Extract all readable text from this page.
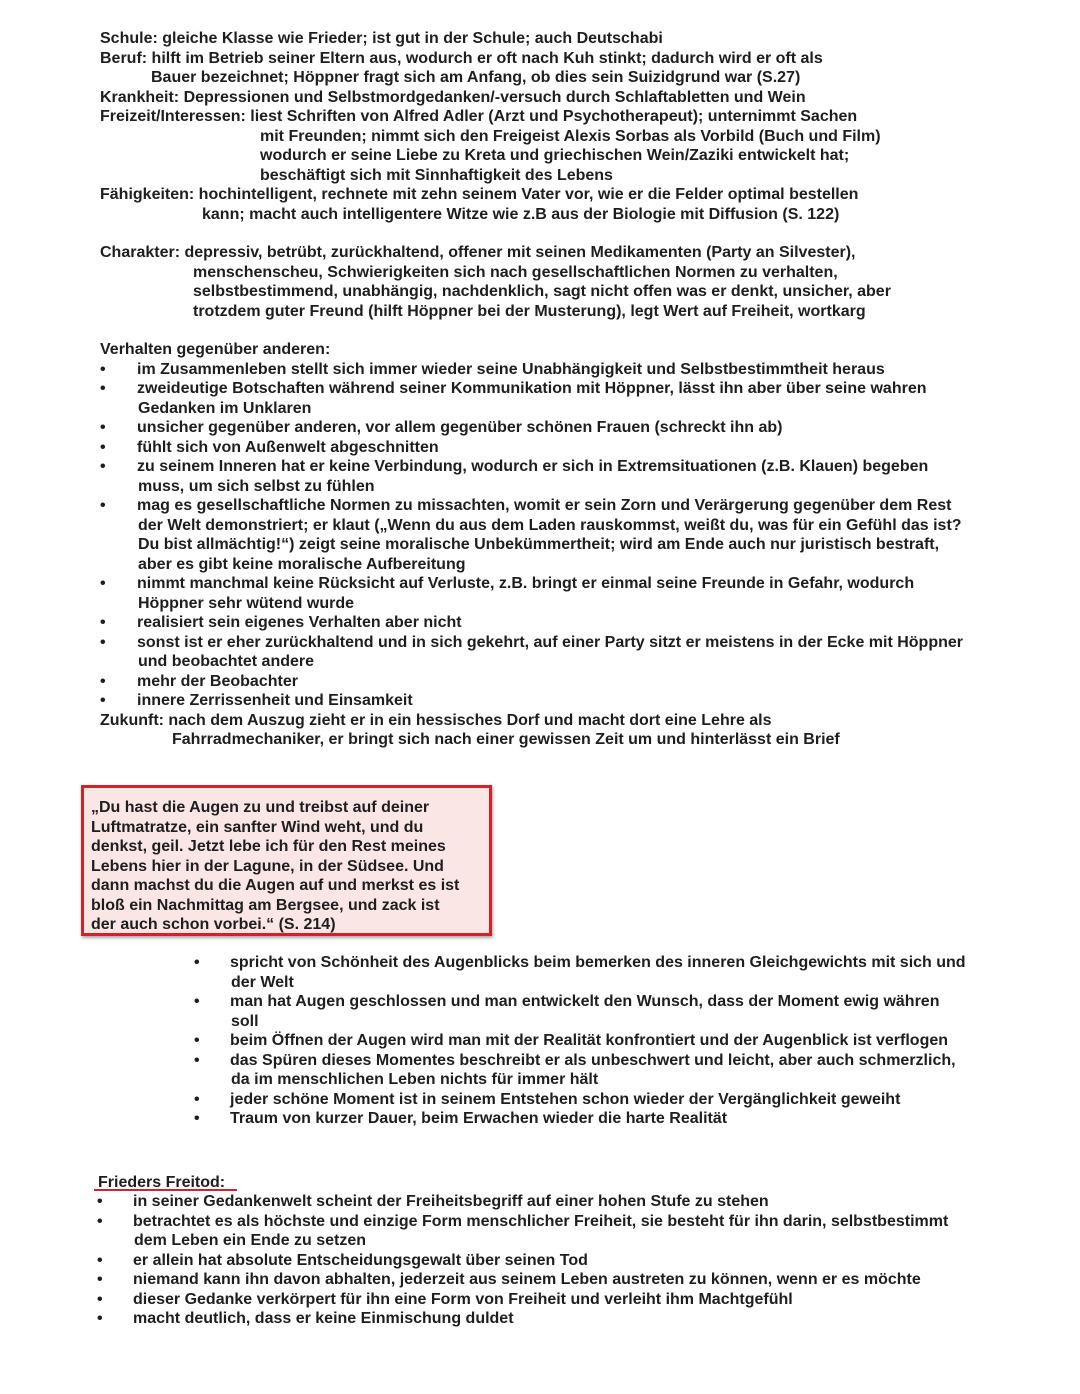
Schule: gleiche Klasse wie Frieder; ist gut in der Schule; auch Deutschabi
Beruf: hilft im Betrieb seiner Eltern aus, wodurch er oft nach Kuh stinkt; dadurch wird er oft als
Bauer bezeichnet; Höppner fragt sich am Anfang, ob dies sein Suizidgrund war (S.27)
Krankheit: Depressionen und Selbstmordgedanken/-versuch durch Schlaftabletten und Wein
Freizeit/Interessen: liest Schriften von Alfred Adler (Arzt und Psychotherapeut); unternimmt Sachen
mit Freunden; nimmt sich den Freigeist Alexis Sorbas als Vorbild (Buch und Film)
wodurch er seine Liebe zu Kreta und griechischen Wein/Zaziki entwickelt hat;
beschäftigt sich mit Sinnhaftigkeit des Lebens
Fähigkeiten: hochintelligent, rechnete mit zehn seinem Vater vor, wie er die Felder optimal bestellen
kann; macht auch intelligentere Witze wie z.B aus der Biologie mit Diffusion (S. 122)
Charakter: depressiv, betrübt, zurückhaltend, offener mit seinen Medikamenten (Party an Silvester),
menschenscheu, Schwierigkeiten sich nach gesellschaftlichen Normen zu verhalten,
selbstbestimmend, unabhängig, nachdenklich, sagt nicht offen was er denkt, unsicher, aber
trotzdem guter Freund (hilft Höppner bei der Musterung), legt Wert auf Freiheit, wortkarg
Verhalten gegenüber anderen:
• im Zusammenleben stellt sich immer wieder seine Unabhängigkeit und Selbstbestimmtheit heraus
• zweideutige Botschaften während seiner Kommunikation mit Höppner, lässt ihn aber über seine wahren
Gedanken im Unklaren
• unsicher gegenüber anderen, vor allem gegenüber schönen Frauen (schreckt ihn ab)
• fühlt sich von Außenwelt abgeschnitten
• zu seinem Inneren hat er keine Verbindung, wodurch er sich in Extremsituationen (z.B. Klauen) begeben
muss, um sich selbst zu fühlen
• mag es gesellschaftliche Normen zu missachten, womit er sein Zorn und Verärgerung gegenüber dem Rest
der Welt demonstriert; er klaut („Wenn du aus dem Laden rauskommst, weißt du, was für ein Gefühl das ist?
Du bist allmächtig!“) zeigt seine moralische Unbekümmertheit; wird am Ende auch nur juristisch bestraft,
aber es gibt keine moralische Aufbereitung
• nimmt manchmal keine Rücksicht auf Verluste, z.B. bringt er einmal seine Freunde in Gefahr, wodurch
Höppner sehr wütend wurde
• realisiert sein eigenes Verhalten aber nicht
• sonst ist er eher zurückhaltend und in sich gekehrt, auf einer Party sitzt er meistens in der Ecke mit Höppner
und beobachtet andere
• mehr der Beobachter
• innere Zerrissenheit und Einsamkeit
Zukunft: nach dem Auszug zieht er in ein hessisches Dorf und macht dort eine Lehre als
Fahrradmechaniker, er bringt sich nach einer gewissen Zeit um und hinterlässt ein Brief
„Du hast die Augen zu und treibst auf deiner
Luftmatratze, ein sanfter Wind weht, und du
denkst, geil. Jetzt lebe ich für den Rest meines
Lebens hier in der Lagune, in der Südsee. Und
dann machst du die Augen auf und merkst es ist
bloß ein Nachmittag am Bergsee, und zack ist
der auch schon vorbei.“ (S. 214)
• spricht von Schönheit des Augenblicks beim bemerken des inneren Gleichgewichts mit sich und
der Welt
• man hat Augen geschlossen und man entwickelt den Wunsch, dass der Moment ewig währen
soll
• beim Öffnen der Augen wird man mit der Realität konfrontiert und der Augenblick ist verflogen
• das Spüren dieses Momentes beschreibt er als unbeschwert und leicht, aber auch schmerzlich,
da im menschlichen Leben nichts für immer hält
• jeder schöne Moment ist in seinem Entstehen schon wieder der Vergänglichkeit geweiht
• Traum von kurzer Dauer, beim Erwachen wieder die harte Realität
Frieders Freitod:
• in seiner Gedankenwelt scheint der Freiheitsbegriff auf einer hohen Stufe zu stehen
• betrachtet es als höchste und einzige Form menschlicher Freiheit, sie besteht für ihn darin, selbstbestimmt
dem Leben ein Ende zu setzen
• er allein hat absolute Entscheidungsgewalt über seinen Tod
• niemand kann ihn davon abhalten, jederzeit aus seinem Leben austreten zu können, wenn er es möchte
• dieser Gedanke verkörpert für ihn eine Form von Freiheit und verleiht ihm Machtgefühl
• macht deutlich, dass er keine Einmischung duldet
